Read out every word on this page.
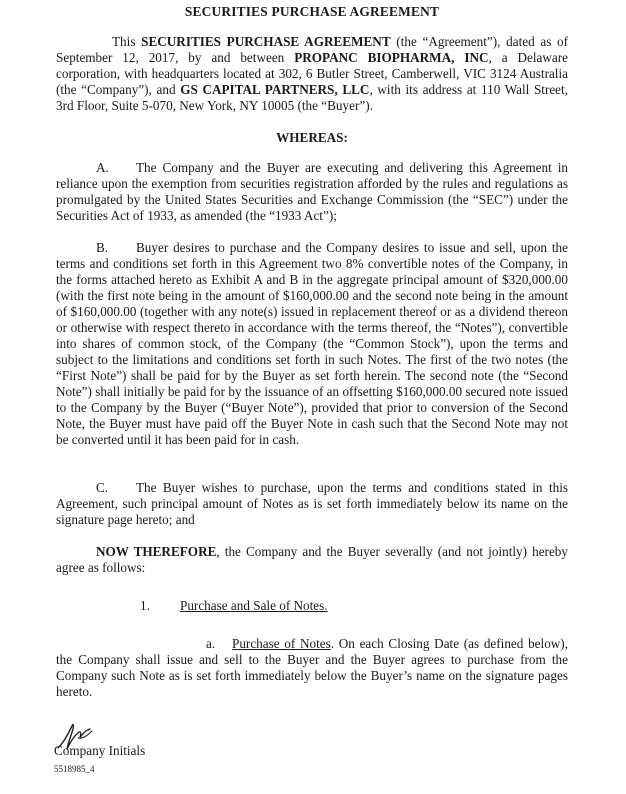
SECURITIES PURCHASE AGREEMENT

This SECURITIES PURCHASE AGREEMENT (the “Agreement”), dated as of September 12, 2017, by and between PROPANC BIOPHARMA, INC, a Delaware corporation, with headquarters located at 302, 6 Butler Street, Camberwell, VIC 3124 Australia (the “Company”), and GS CAPITAL PARTNERS, LLC, with its address at 110 Wall Street, 3rd Floor, Suite 5-070, New York, NY 10005 (the “Buyer”).

WHEREAS:

A. The Company and the Buyer are executing and delivering this Agreement in reliance upon the exemption from securities registration afforded by the rules and regulations as promulgated by the United States Securities and Exchange Commission (the “SEC”) under the Securities Act of 1933, as amended (the “1933 Act”);

B. Buyer desires to purchase and the Company desires to issue and sell, upon the terms and conditions set forth in this Agreement two 8% convertible notes of the Company, in the forms attached hereto as Exhibit A and B in the aggregate principal amount of $320,000.00 (with the first note being in the amount of $160,000.00 and the second note being in the amount of $160,000.00 (together with any note(s) issued in replacement thereof or as a dividend thereon or otherwise with respect thereto in accordance with the terms thereof, the “Notes”), convertible into shares of common stock, of the Company (the “Common Stock”), upon the terms and subject to the limitations and conditions set forth in such Notes. The first of the two notes (the “First Note”) shall be paid for by the Buyer as set forth herein. The second note (the “Second Note”) shall initially be paid for by the issuance of an offsetting $160,000.00 secured note issued to the Company by the Buyer (“Buyer Note”), provided that prior to conversion of the Second Note, the Buyer must have paid off the Buyer Note in cash such that the Second Note may not be converted until it has been paid for in cash.

C. The Buyer wishes to purchase, upon the terms and conditions stated in this Agreement, such principal amount of Notes as is set forth immediately below its name on the signature page hereto; and

NOW THEREFORE, the Company and the Buyer severally (and not jointly) hereby agree as follows:

1. Purchase and Sale of Notes.

a. Purchase of Notes. On each Closing Date (as defined below), the Company shall issue and sell to the Buyer and the Buyer agrees to purchase from the Company such Note as is set forth immediately below the Buyer’s name on the signature pages hereto.

Company Initials
5518985_4
